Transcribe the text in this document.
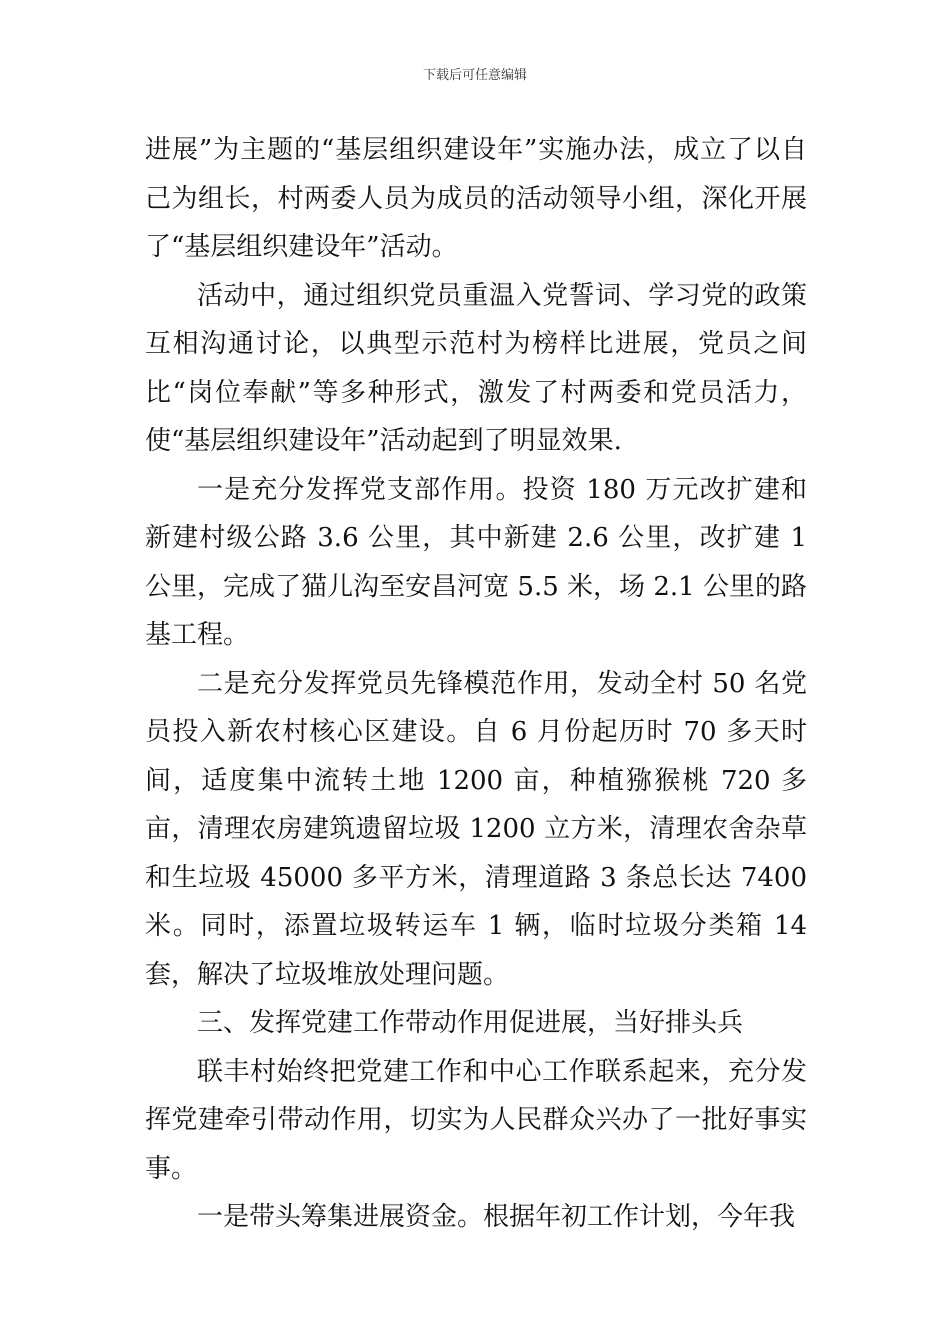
下载后可任意编辑

进展”为主题的“基层组织建设年”实施办法，成立了以自己为组长，村两委人员为成员的活动领导小组，深化开展了“基层组织建设年”活动。

活动中，通过组织党员重温入党誓词、学习党的政策互相沟通讨论，以典型示范村为榜样比进展，党员之间比“岗位奉献”等多种形式，激发了村两委和党员活力，使“基层组织建设年”活动起到了明显效果.

一是充分发挥党支部作用。投资 180 万元改扩建和新建村级公路 3.6 公里，其中新建 2.6 公里，改扩建 1 公里，完成了猫儿沟至安昌河宽 5.5 米，场 2.1 公里的路基工程。

二是充分发挥党员先锋模范作用，发动全村 50 名党员投入新农村核心区建设。自 6 月份起历时 70 多天时间，适度集中流转土地 1200 亩，种植猕猴桃 720 多亩，清理农房建筑遗留垃圾 1200 立方米，清理农舍杂草和生垃圾 45000 多平方米，清理道路 3 条总长达 7400 米。同时，添置垃圾转运车 1 辆，临时垃圾分类箱 14 套，解决了垃圾堆放处理问题。

三、发挥党建工作带动作用促进展，当好排头兵

联丰村始终把党建工作和中心工作联系起来，充分发挥党建牵引带动作用，切实为人民群众兴办了一批好事实事。

一是带头筹集进展资金。根据年初工作计划，今年我
